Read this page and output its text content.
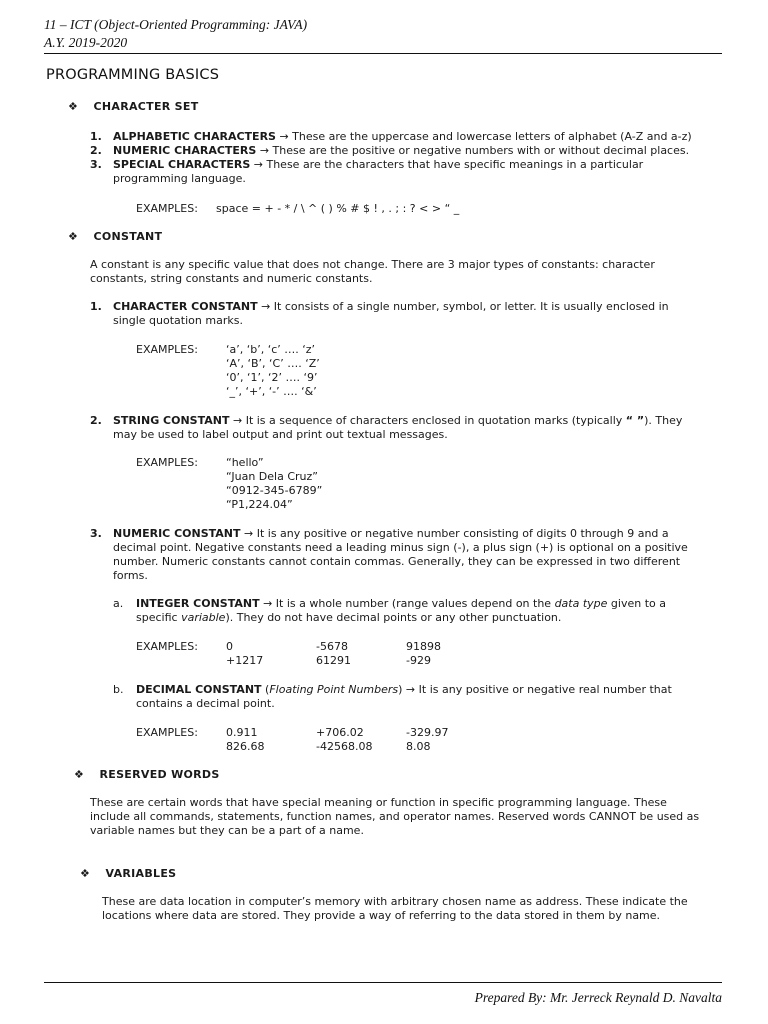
11 – ICT (Object-Oriented Programming: JAVA)
A.Y. 2019-2020
PROGRAMMING BASICS
❖ CHARACTER SET
1. ALPHABETIC CHARACTERS → These are the uppercase and lowercase letters of alphabet (A-Z and a-z)
2. NUMERIC CHARACTERS → These are the positive or negative numbers with or without decimal places.
3. SPECIAL CHARACTERS → These are the characters that have specific meanings in a particular
programming language.
EXAMPLES: space = + - * / \ ^ ( ) % # $ ! , . ; : ? < > “ _
❖ CONSTANT
A constant is any specific value that does not change. There are 3 major types of constants: character
constants, string constants and numeric constants.
1. CHARACTER CONSTANT → It consists of a single number, symbol, or letter. It is usually enclosed in
single quotation marks.
EXAMPLES:	‘a’, ‘b’, ‘c’ …. ‘z’
‘A’, ‘B’, ‘C’ …. ‘Z’
‘0’, ‘1’, ‘2’ …. ‘9’
‘_’, ‘+’, ‘-’ …. ‘&’
2. STRING CONSTANT → It is a sequence of characters enclosed in quotation marks (typically “ ”). They
may be used to label output and print out textual messages.
EXAMPLES:	“hello”
“Juan Dela Cruz”
“0912-345-6789”
“P1,224.04”
3. NUMERIC CONSTANT → It is any positive or negative number consisting of digits 0 through 9 and a
decimal point. Negative constants need a leading minus sign (-), a plus sign (+) is optional on a positive
number. Numeric constants cannot contain commas. Generally, they can be expressed in two different
forms.
a. INTEGER CONSTANT → It is a whole number (range values depend on the data type given to a
specific variable). They do not have decimal points or any other punctuation.
EXAMPLES:	0	-5678	91898
+1217	61291	-929
b. DECIMAL CONSTANT (Floating Point Numbers) → It is any positive or negative real number that
contains a decimal point.
EXAMPLES:	0.911	+706.02	-329.97
826.68	-42568.08	8.08
❖ RESERVED WORDS
These are certain words that have special meaning or function in specific programming language. These
include all commands, statements, function names, and operator names. Reserved words CANNOT be used as
variable names but they can be a part of a name.
❖ VARIABLES
These are data location in computer’s memory with arbitrary chosen name as address. These indicate the
locations where data are stored. They provide a way of referring to the data stored in them by name.
Prepared By: Mr. Jerreck Reynald D. Navalta
